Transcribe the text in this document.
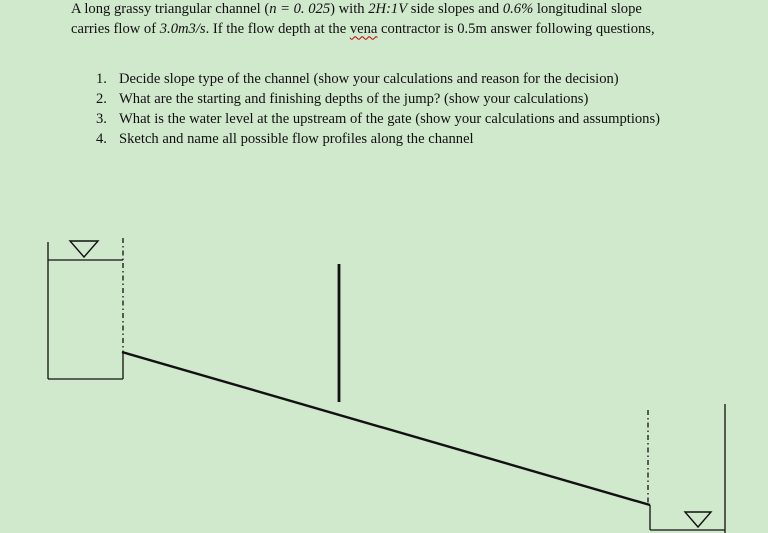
A long grassy triangular channel (n = 0. 025) with 2H:1V side slopes and 0.6% longitudinal slope carries flow of 3.0m3/s. If the flow depth at the vena contractor is 0.5m answer following questions,

1. Decide slope type of the channel (show your calculations and reason for the decision)
2. What are the starting and finishing depths of the jump? (show your calculations)
3. What is the water level at the upstream of the gate (show your calculations and assumptions)
4. Sketch and name all possible flow profiles along the channel
